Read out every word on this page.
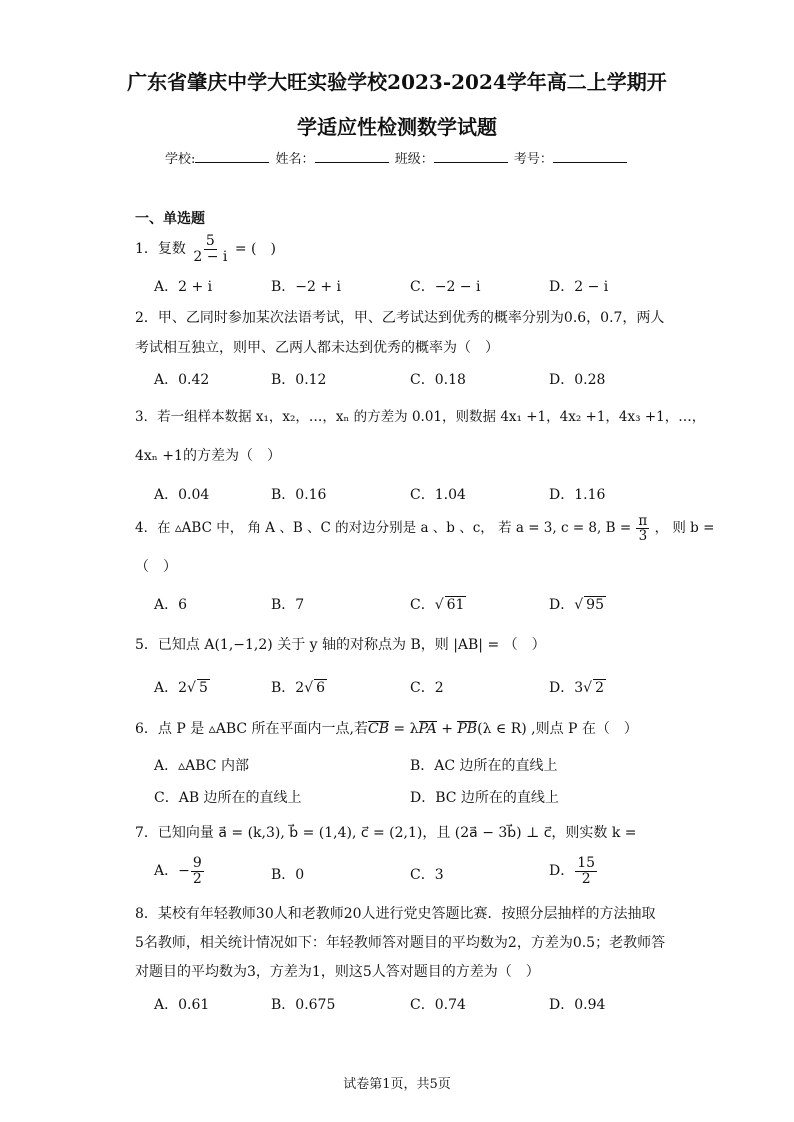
广东省肇庆中学大旺实验学校2023-2024学年高二上学期开
学适应性检测数学试题
学校:	姓名：	班级：	考号：
一、单选题
1．复数 $\frac{5}{2 - i}$ = (　)
A．2 + i	B．−2 + i	C．−2 − i	D．2 − i
2．甲、乙同时参加某次法语考试，甲、乙考试达到优秀的概率分别为0.6，0.7，两人
考试相互独立，则甲、乙两人都未达到优秀的概率为（　）
A．0.42	B．0.12	C．0.18	D．0.28
3．若一组样本数据 x₁，x₂，…，xₙ 的方差为 0.01，则数据 4x₁ +1，4x₂ +1，4x₃ +1，…，
4xₙ +1的方差为（　）
A．0.04	B．0.16	C．1.04	D．1.16
4．在 ▵ABC 中， 角 A 、B 、C 的对边分别是 a 、b 、c， 若 a = 3, c = 8, $B = \frac{\pi}{3}$ ， 则 b =
（　）
A．6	B．7	C．√ 61	D．√ 95
5．已知点 A(1,−1,2) 关于 y 轴的对称点为 B，则 |AB| = （　）
A．2√ 5	B．2√ 6	C．2	D．3√ 2
6．点 P 是 ▵ABC 所在平面内一点,若CB = λPA + PB(λ ∈ R) ,则点 P 在（　）
A．▵ABC 内部	B．AC 边所在的直线上
C．AB 边所在的直线上	D．BC 边所在的直线上
7．已知向量 a⃗ = (k,3), b⃗ = (1,4), c⃗ = (2,1)，且 (2a⃗ − 3b⃗) ⊥ c⃗，则实数 k =
A．− $\frac{9}{2}$	B．0	C．3	D． $\frac{15}{2}$
8．某校有年轻教师30人和老教师20人进行党史答题比赛．按照分层抽样的方法抽取
5名教师，相关统计情况如下：年轻教师答对题目的平均数为2，方差为0.5；老教师答
对题目的平均数为3，方差为1，则这5人答对题目的方差为（　）
A．0.61	B．0.675	C．0.74	D．0.94
试卷第1页，共5页
